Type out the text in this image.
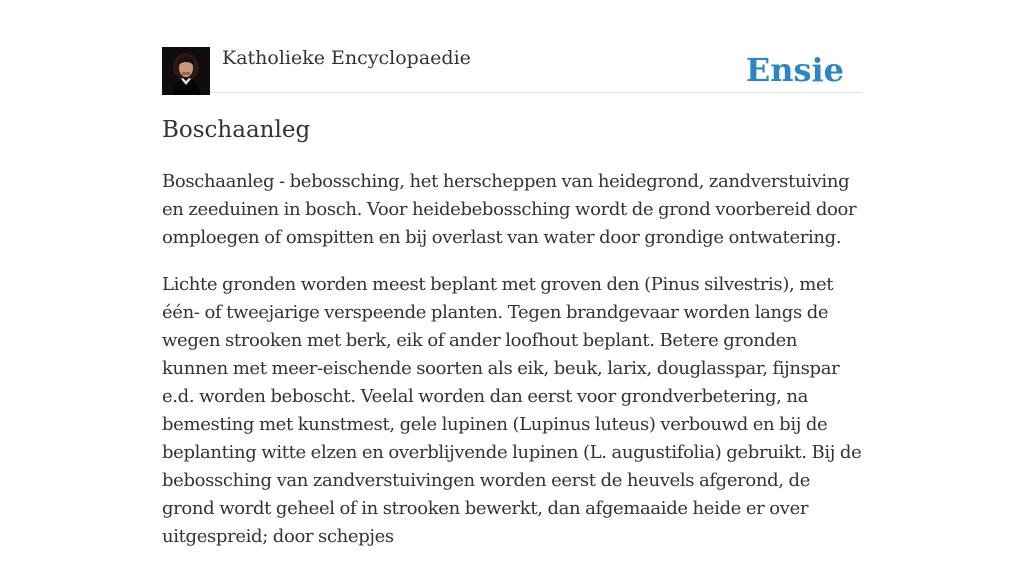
Katholieke Encyclopaedie	Ensie
Boschaanleg

Boschaanleg - bebossching, het herscheppen van heidegrond, zandverstuiving en zeeduinen in bosch. Voor heidebebossching wordt de grond voorbereid door omploegen of omspitten en bij overlast van water door grondige ontwatering.

Lichte gronden worden meest beplant met groven den (Pinus silvestris), met één- of tweejarige verspeende planten. Tegen brandgevaar worden langs de wegen strooken met berk, eik of ander loofhout beplant. Betere gronden kunnen met meer-eischende soorten als eik, beuk, larix, douglasspar, fijnspar e.d. worden beboscht. Veelal worden dan eerst voor grondverbetering, na bemesting met kunstmest, gele lupinen (Lupinus luteus) verbouwd en bij de beplanting witte elzen en overblijvende lupinen (L. augustifolia) gebruikt. Bij de bebossching van zandverstuivingen worden eerst de heuvels afgerond, de grond wordt geheel of in strooken bewerkt, dan afgemaaide heide er over uitgespreid; door schepjes
